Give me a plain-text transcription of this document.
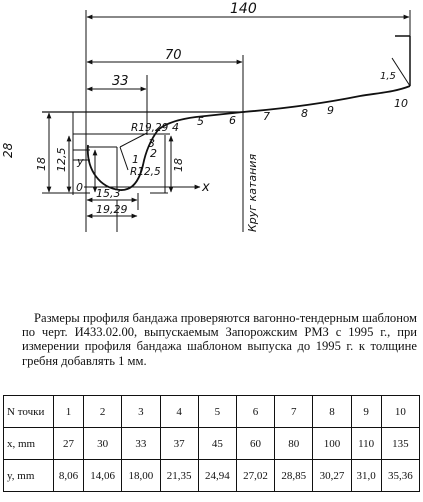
140
70
33
28
18 12,5	18
15,3
19,29
R19,29
R12,5
1,5
x
y
0
1 2
3
4 5 6 7	8 9
10
Круг катания

Размеры профиля бандажа проверяются вагонно-тендерным шаблоном по черт. И433.02.00, выпускаемым Запорожским РМЗ с 1995 г., при измерении профиля бандажа шаблоном выпуска до 1995 г. к толщине гребня добавлять 1 мм.

N точки	1	2	3	4	5	6	7	8	9	10
x, mm	27	30	33	37	45	60	80	100	110	135
y, mm	8,06	14,06	18,00	21,35	24,94	27,02	28,85	30,27	31,0	35,36
